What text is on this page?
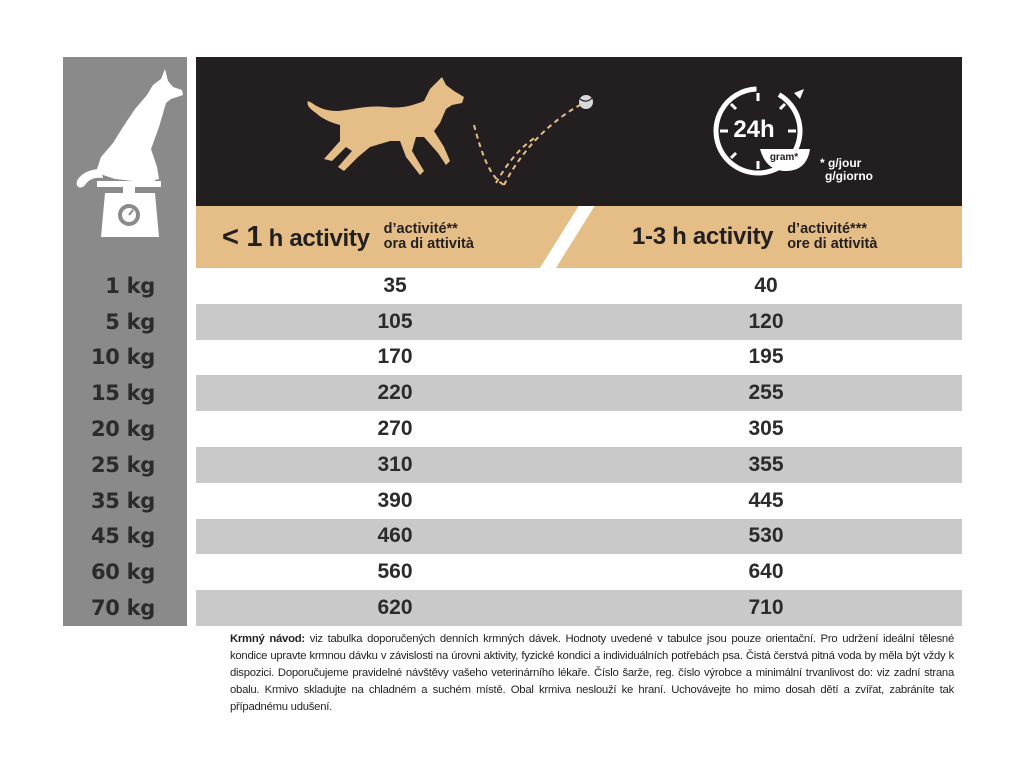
24h
gram* * g/jour
g/giorno
< 1 h activity d’activité**
ora di attività	1-3 h activity d’activité***
ore di attività
1 kg	35	40
5 kg	105	120
10 kg	170	195
15 kg	220	255
20 kg	270	305
25 kg	310	355
35 kg	390	445
45 kg	460	530
60 kg	560	640
70 kg	620	710
Krmný návod: viz tabulka doporučených denních krmných dávek. Hodnoty uvedené v tabulce jsou pouze orientační. Pro udržení ideální tělesné kondice upravte krmnou dávku v závislosti na úrovni aktivity, fyzické kondici a individuálních potřebách psa. Čistá čerstvá pitná voda by měla být vždy k dispozici. Doporučujeme pravidelné návštěvy vašeho veterinárního lékaře. Číslo šarže, reg. číslo výrobce a minimální trvanlivost do: viz zadní strana obalu. Krmivo skladujte na chladném a suchém místě. Obal krmiva neslouží ke hraní. Uchovávejte ho mimo dosah dětí a zvířat, zabráníte tak případnému udušení.
